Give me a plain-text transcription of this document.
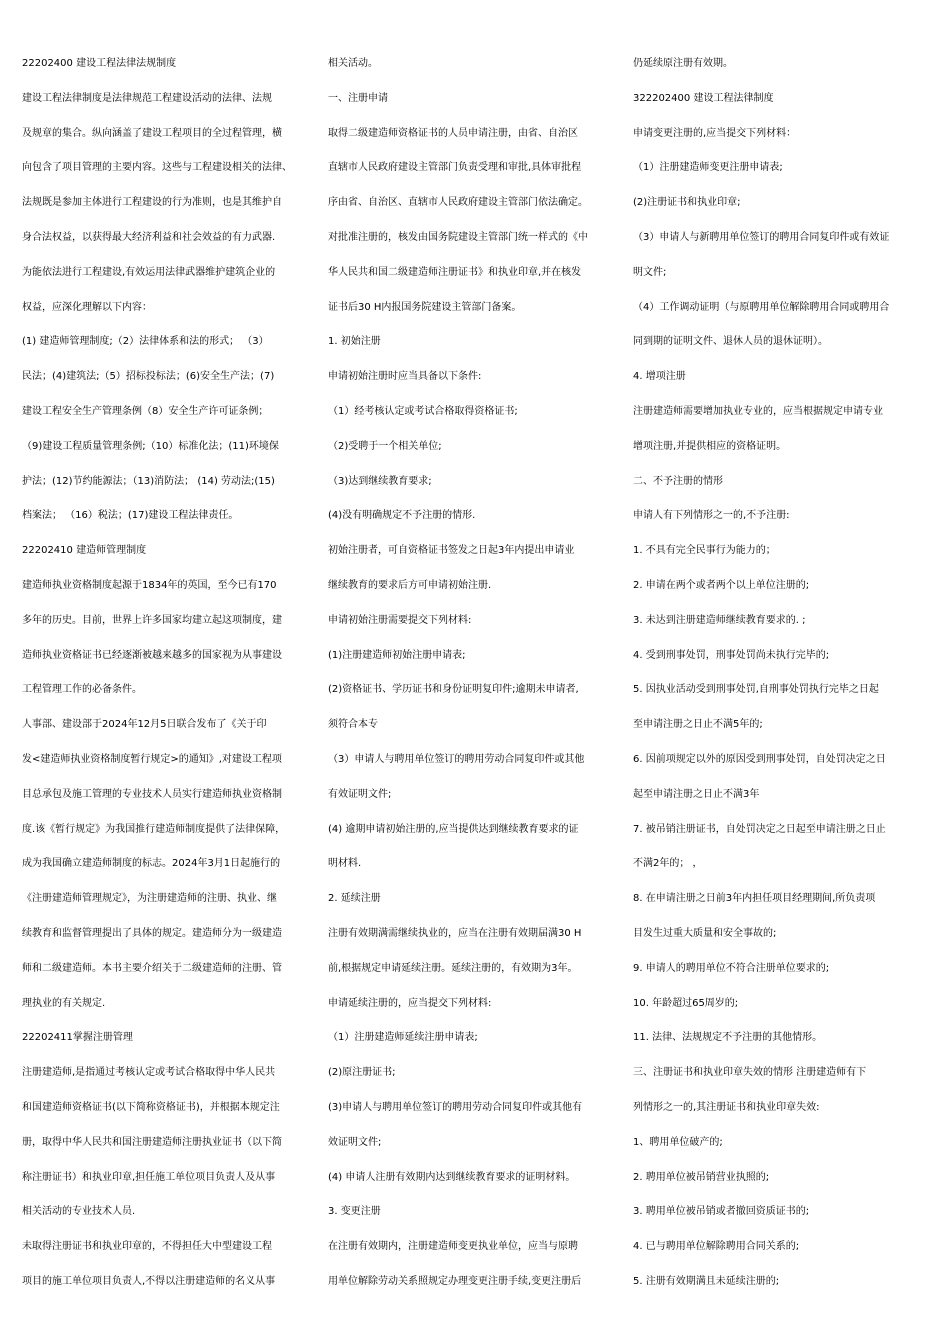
22202400 建设工程法律法规制度
建设工程法律制度是法律规范工程建设活动的法律、法规
及规章的集合。纵向涵盖了建设工程项目的全过程管理，横
向包含了项目管理的主要内容。这些与工程建设相关的法律、
法规既是参加主体进行工程建设的行为准则，也是其维护自
身合法权益，以获得最大经济利益和社会效益的有力武器.
为能依法进行工程建设,有效运用法律武器维护建筑企业的
权益，应深化理解以下内容：
(1) 建造师管理制度;（2）法律体系和法的形式； （3）
民法；(4)建筑法;（5）招标投标法；(6)安全生产法；(7)
建设工程安全生产管理条例（8）安全生产许可证条例；
（9)建设工程质量管理条例;（10）标准化法；(11)环境保
护法；(12)节约能源法；（13)消防法； (14) 劳动法;(15)
档案法； （16）税法；(17)建设工程法律责任。
22202410 建造师管理制度
建造师执业资格制度起源于1834年的英国，至今已有170
多年的历史。目前，世界上许多国家均建立起这项制度，建
造师执业资格证书已经逐渐被越来越多的国家视为从事建设
工程管理工作的必备条件。
人事部、建设部于2024年12月5日联合发布了《关于印
发<建造师执业资格制度暂行规定>的通知》,对建设工程项
目总承包及施工管理的专业技术人员实行建造师执业资格制
度.该《暂行规定》为我国推行建造师制度提供了法律保障，
成为我国确立建造师制度的标志。2024年3月1日起施行的
《注册建造师管理规定》，为注册建造师的注册、执业、继
续教育和监督管理提出了具体的规定。建造师分为一级建造
师和二级建造师。本书主要介绍关于二级建造师的注册、管
理执业的有关规定.
22202411掌握注册管理
注册建造师,是指通过考核认定或考试合格取得中华人民共
和国建造师资格证书(以下简称资格证书)，并根据本规定注
册，取得中华人民共和国注册建造师注册执业证书（以下简
称注册证书）和执业印章,担任施工单位项目负责人及从事
相关活动的专业技术人员.
未取得注册证书和执业印章的，不得担任大中型建设工程
项目的施工单位项目负责人,不得以注册建造师的名义从事
相关活动。
一、注册申请
取得二级建造师资格证书的人员申请注册，由省、自治区
直辖市人民政府建设主管部门负责受理和审批,具体审批程
序由省、自治区、直辖市人民政府建设主管部门依法确定。
对批准注册的，核发由国务院建设主管部门统一样式的《中
华人民共和国二级建造师注册证书》和执业印章,并在核发
证书后30 H内报国务院建设主管部门备案。
1. 初始注册
申请初始注册时应当具备以下条件:
（1）经考核认定或考试合格取得资格证书;
（2)受聘于一个相关单位;
（3)达到继续教育要求;
(4)没有明确规定不予注册的情形.
初始注册者，可自资格证书签发之日起3年内提出申请业
继续教育的要求后方可申请初始注册.
申请初始注册需要提交下列材料:
(1)注册建造师初始注册申请表;
(2)资格证书、学历证书和身份证明复印件;逾期未申请者,
须符合本专
（3）申请人与聘用单位签订的聘用劳动合同复印件或其他
有效证明文件;
(4) 逾期申请初始注册的,应当提供达到继续教育要求的证
明材料.
2. 延续注册
注册有效期满需继续执业的，应当在注册有效期届满30 H
前,根据规定申请延续注册。延续注册的，有效期为3年。
申请延续注册的，应当提交下列材料:
（1）注册建造师延续注册申请表;
(2)原注册证书;
(3)申请人与聘用单位签订的聘用劳动合同复印件或其他有
效证明文件;
(4) 申请人注册有效期内达到继续教育要求的证明材料。
3. 变更注册
在注册有效期内，注册建造师变更执业单位，应当与原聘
用单位解除劳动关系照规定办理变更注册手续,变更注册后
仍延续原注册有效期。
322202400 建设工程法律制度
申请变更注册的,应当提交下列材料：
（1）注册建造师变更注册申请表;
(2)注册证书和执业印章;
（3）申请人与新聘用单位签订的聘用合同复印件或有效证
明文件;
（4）工作调动证明（与原聘用单位解除聘用合同或聘用合
同到期的证明文件、退休人员的退休证明）。
4. 增项注册
注册建造师需要增加执业专业的，应当根据规定申请专业
增项注册,并提供相应的资格证明。
二、不予注册的情形
申请人有下列情形之一的,不予注册:
1. 不具有完全民事行为能力的；
2. 申请在两个或者两个以上单位注册的;
3. 未达到注册建造师继续教育要求的. ;
4. 受到刑事处罚，刑事处罚尚未执行完毕的;
5. 因执业活动受到刑事处罚,自刑事处罚执行完毕之日起
至申请注册之日止不满5年的;
6. 因前项规定以外的原因受到刑事处罚，自处罚决定之日
起至申请注册之日止不满3年
7. 被吊销注册证书，自处罚决定之日起至申请注册之日止
不满2年的； ，
8. 在申请注册之日前3年内担任项目经理期间,所负责项
目发生过重大质量和安全事故的;
9. 申请人的聘用单位不符合注册单位要求的;
10. 年龄超过65周岁的;
11. 法律、法规规定不予注册的其他情形。
三、注册证书和执业印章失效的情形 注册建造师有下
列情形之一的,其注册证书和执业印章失效:
1、聘用单位破产的;
2. 聘用单位被吊销营业执照的;
3. 聘用单位被吊销或者撤回资质证书的;
4. 已与聘用单位解除聘用合同关系的;
5. 注册有效期满且未延续注册的;
